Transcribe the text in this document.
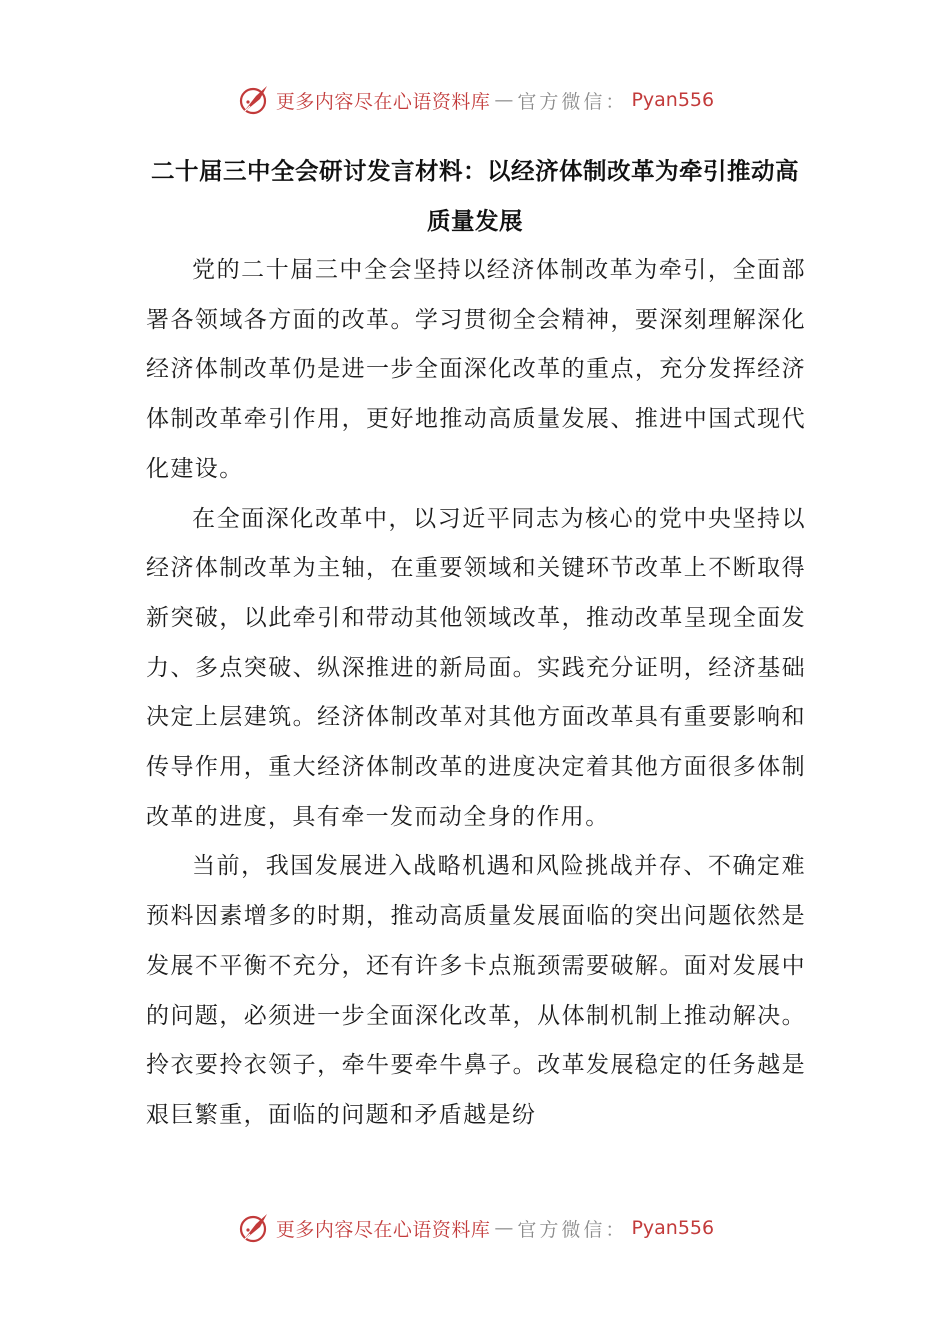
更多内容尽在心语资料库 — 官方微信： Pyan556
二十届三中全会研讨发言材料：以经济体制改革为牵引推动高质量发展

党的二十届三中全会坚持以经济体制改革为牵引，全面部署各领域各方面的改革。学习贯彻全会精神，要深刻理解深化经济体制改革仍是进一步全面深化改革的重点，充分发挥经济体制改革牵引作用，更好地推动高质量发展、推进中国式现代化建设。

在全面深化改革中，以习近平同志为核心的党中央坚持以经济体制改革为主轴，在重要领域和关键环节改革上不断取得新突破，以此牵引和带动其他领域改革，推动改革呈现全面发力、多点突破、纵深推进的新局面。实践充分证明，经济基础决定上层建筑。经济体制改革对其他方面改革具有重要影响和传导作用，重大经济体制改革的进度决定着其他方面很多体制改革的进度，具有牵一发而动全身的作用。

当前，我国发展进入战略机遇和风险挑战并存、不确定难预料因素增多的时期，推动高质量发展面临的突出问题依然是发展不平衡不充分，还有许多卡点瓶颈需要破解。面对发展中的问题，必须进一步全面深化改革，从体制机制上推动解决。拎衣要拎衣领子，牵牛要牵牛鼻子。改革发展稳定的任务越是艰巨繁重，面临的问题和矛盾越是纷

更多内容尽在心语资料库 — 官方微信： Pyan556
